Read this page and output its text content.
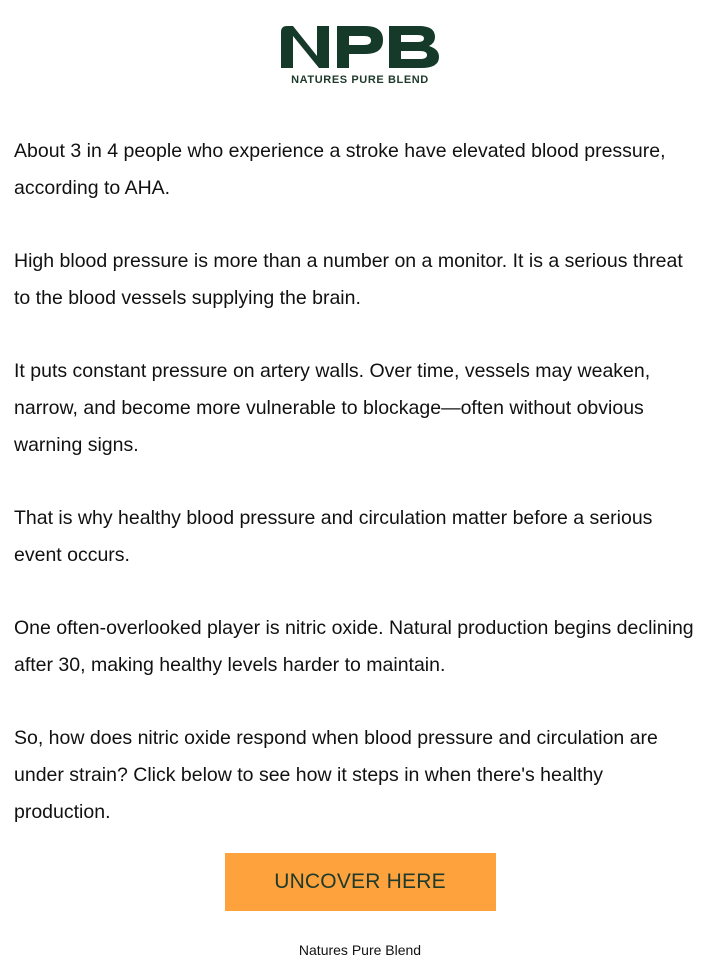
NATURES PURE BLEND

About 3 in 4 people who experience a stroke have elevated blood pressure, according to AHA.

High blood pressure is more than a number on a monitor. It is a serious threat to the blood vessels supplying the brain.

It puts constant pressure on artery walls. Over time, vessels may weaken, narrow, and become more vulnerable to blockage—often without obvious warning signs.

That is why healthy blood pressure and circulation matter before a serious event occurs.

One often-overlooked player is nitric oxide. Natural production begins declining after 30, making healthy levels harder to maintain.

So, how does nitric oxide respond when blood pressure and circulation are under strain? Click below to see how it steps in when there's healthy production.

UNCOVER HERE
Natures Pure Blend
